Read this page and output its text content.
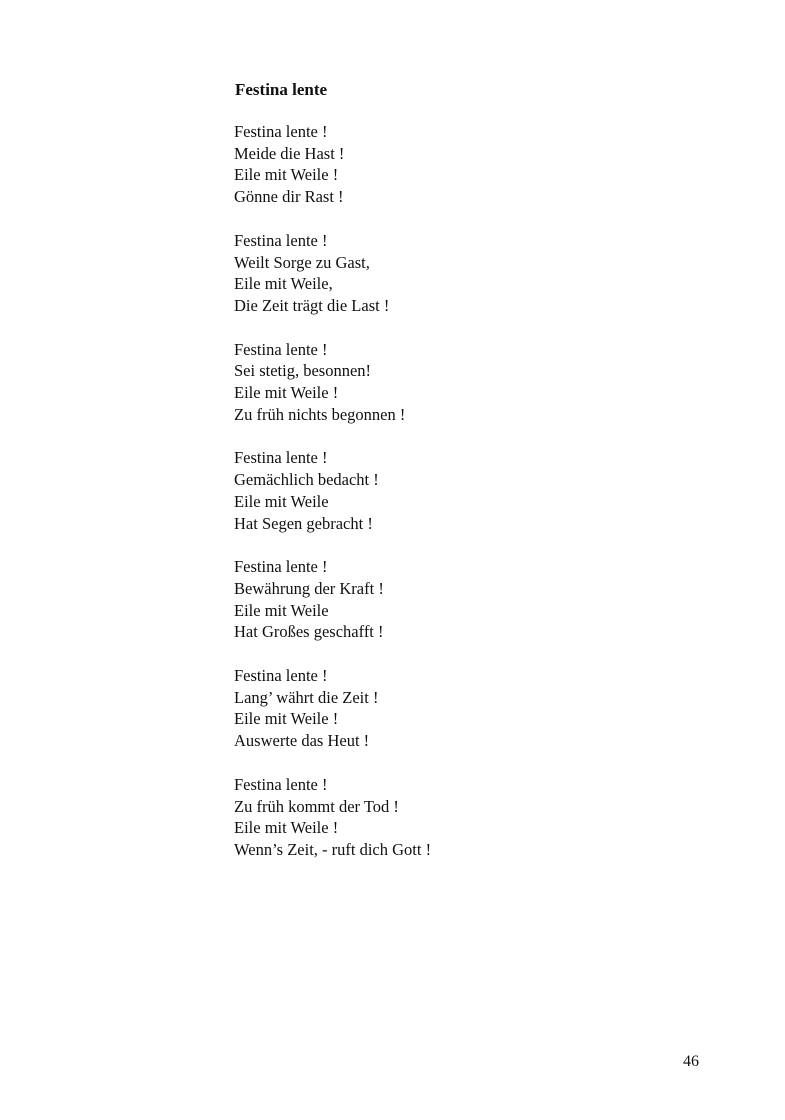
Festina lente
Festina lente !
Meide die Hast !
Eile mit Weile !
Gönne dir Rast !
Festina lente !
Weilt Sorge zu Gast,
Eile mit Weile,
Die Zeit trägt die Last !
Festina lente !
Sei stetig, besonnen!
Eile mit Weile !
Zu früh nichts begonnen !
Festina lente !
Gemächlich bedacht !
Eile mit Weile
Hat Segen gebracht !
Festina lente !
Bewährung der Kraft !
Eile mit Weile
Hat Großes geschafft !
Festina lente !
Lang’ währt die Zeit !
Eile mit Weile !
Auswerte das Heut !
Festina lente !
Zu früh kommt der Tod !
Eile mit Weile !
Wenn’s Zeit, - ruft dich Gott !
46
